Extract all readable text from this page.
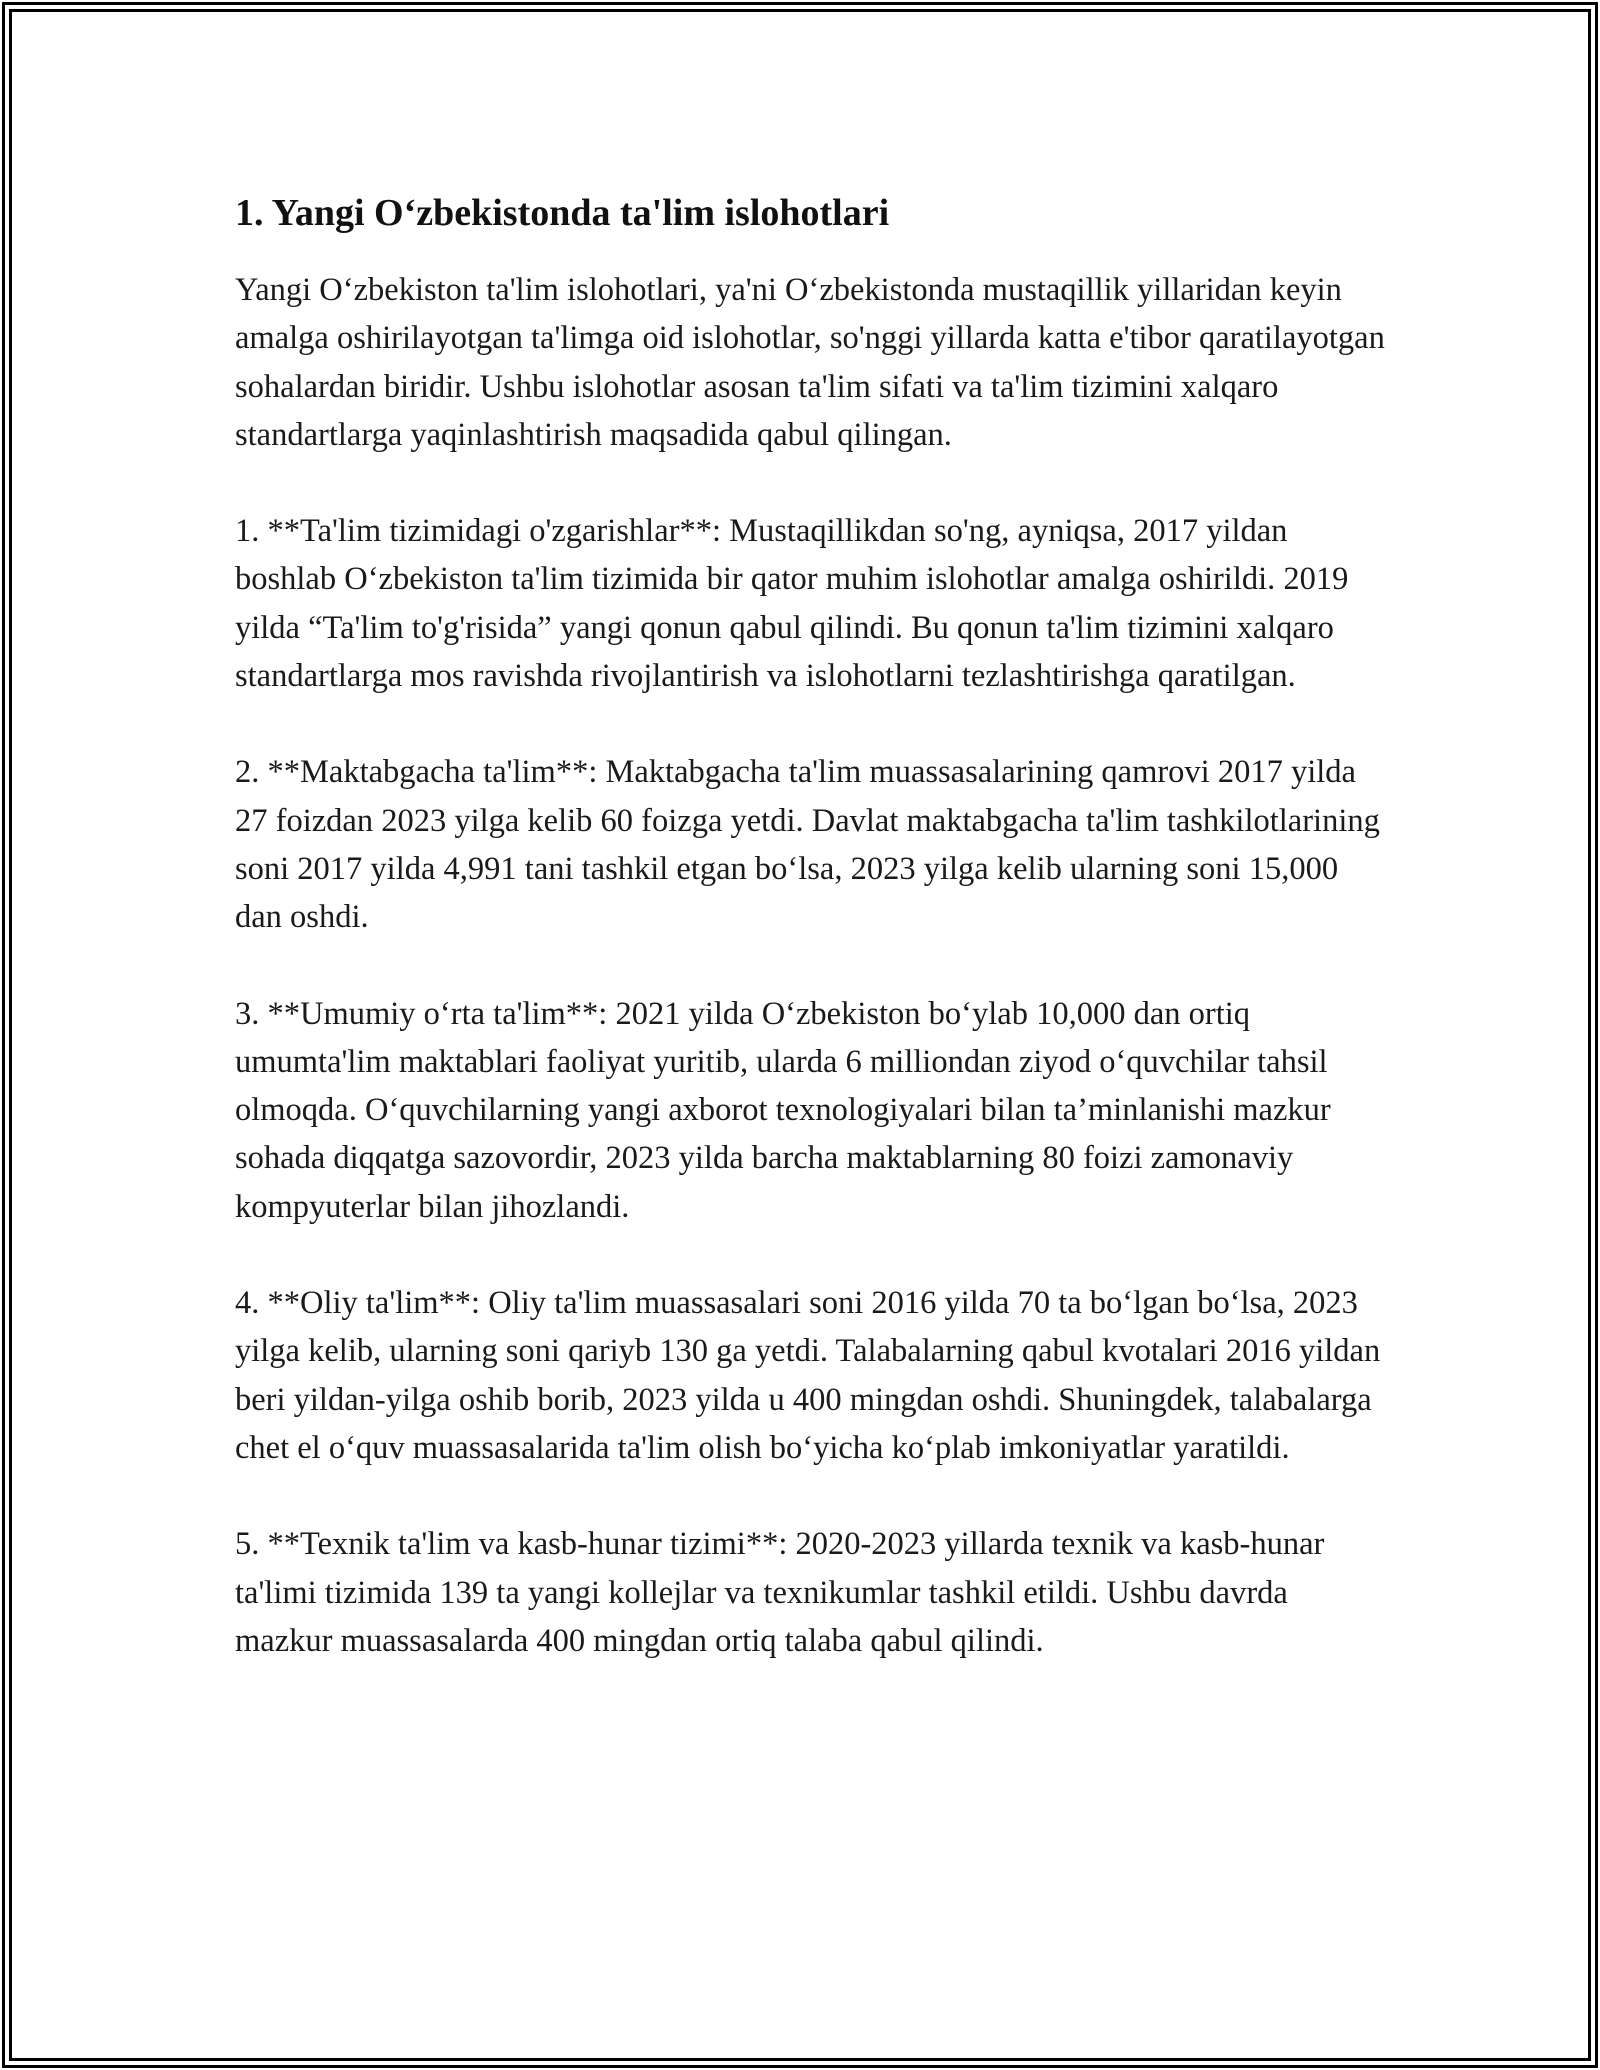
1. Yangi O‘zbekistonda ta'lim islohotlari

Yangi O‘zbekiston ta'lim islohotlari, ya'ni O‘zbekistonda mustaqillik yillaridan keyin amalga oshirilayotgan ta'limga oid islohotlar, so'nggi yillarda katta e'tibor qaratilayotgan sohalardan biridir. Ushbu islohotlar asosan ta'lim sifati va ta'lim tizimini xalqaro standartlarga yaqinlashtirish maqsadida qabul qilingan.

1. **Ta'lim tizimidagi o'zgarishlar**: Mustaqillikdan so'ng, ayniqsa, 2017 yildan boshlab O‘zbekiston ta'lim tizimida bir qator muhim islohotlar amalga oshirildi. 2019 yilda “Ta'lim to'g'risida” yangi qonun qabul qilindi. Bu qonun ta'lim tizimini xalqaro standartlarga mos ravishda rivojlantirish va islohotlarni tezlashtirishga qaratilgan.

2. **Maktabgacha ta'lim**: Maktabgacha ta'lim muassasalarining qamrovi 2017 yilda 27 foizdan 2023 yilga kelib 60 foizga yetdi. Davlat maktabgacha ta'lim tashkilotlarining soni 2017 yilda 4,991 tani tashkil etgan bo‘lsa, 2023 yilga kelib ularning soni 15,000 dan oshdi.

3. **Umumiy o‘rta ta'lim**: 2021 yilda O‘zbekiston bo‘ylab 10,000 dan ortiq umumta'lim maktablari faoliyat yuritib, ularda 6 milliondan ziyod o‘quvchilar tahsil olmoqda. O‘quvchilarning yangi axborot texnologiyalari bilan ta’minlanishi mazkur sohada diqqatga sazovordir, 2023 yilda barcha maktablarning 80 foizi zamonaviy kompyuterlar bilan jihozlandi.

4. **Oliy ta'lim**: Oliy ta'lim muassasalari soni 2016 yilda 70 ta bo‘lgan bo‘lsa, 2023 yilga kelib, ularning soni qariyb 130 ga yetdi. Talabalarning qabul kvotalari 2016 yildan beri yildan-yilga oshib borib, 2023 yilda u 400 mingdan oshdi. Shuningdek, talabalarga chet el o‘quv muassasalarida ta'lim olish bo‘yicha ko‘plab imkoniyatlar yaratildi.

5. **Texnik ta'lim va kasb-hunar tizimi**: 2020-2023 yillarda texnik va kasb-hunar ta'limi tizimida 139 ta yangi kollejlar va texnikumlar tashkil etildi. Ushbu davrda mazkur muassasalarda 400 mingdan ortiq talaba qabul qilindi.
